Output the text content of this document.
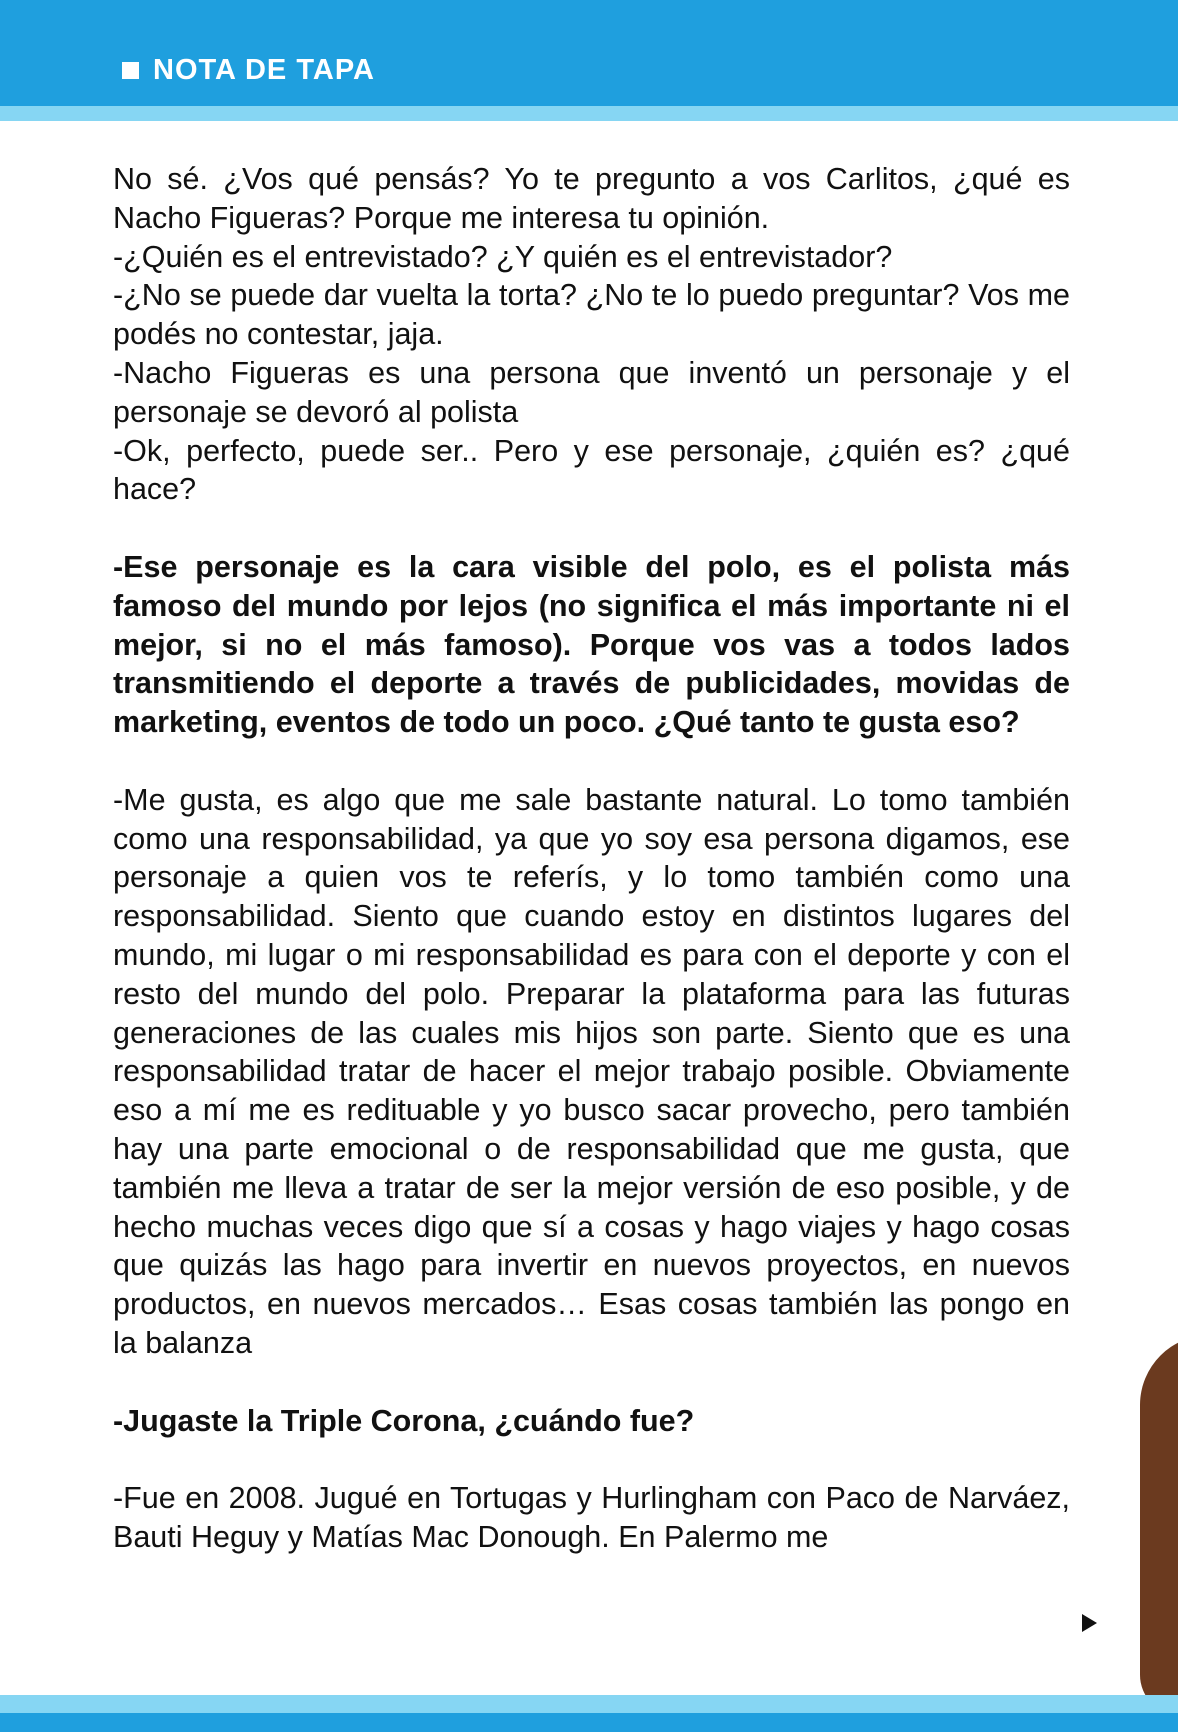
NOTA DE TAPA

No sé. ¿Vos qué pensás? Yo te pregunto a vos Carlitos, ¿qué es Nacho Figueras? Porque me interesa tu opinión.

-¿Quién es el entrevistado? ¿Y quién es el entrevistador?

-¿No se puede dar vuelta la torta? ¿No te lo puedo preguntar? Vos me podés no contestar, jaja.

-Nacho Figueras es una persona que inventó un personaje y el personaje se devoró al polista

-Ok, perfecto, puede ser.. Pero y ese personaje, ¿quién es? ¿qué hace?

-Ese personaje es la cara visible del polo, es el polista más famoso del mundo por lejos (no significa el más importante ni el mejor, si no el más famoso). Porque vos vas a todos lados transmitiendo el deporte a través de publicidades, movidas de marketing, eventos de todo un poco. ¿Qué tanto te gusta eso?

-Me gusta, es algo que me sale bastante natural. Lo tomo también como una responsabilidad, ya que yo soy esa persona digamos, ese personaje a quien vos te referís, y lo tomo también como una responsabilidad. Siento que cuando estoy en distintos lugares del mundo, mi lugar o mi responsabilidad es para con el deporte y con el resto del mundo del polo. Preparar la plataforma para las futuras generaciones de las cuales mis hijos son parte. Siento que es una responsabilidad tratar de hacer el mejor trabajo posible. Obviamente eso a mí me es redituable y yo busco sacar provecho, pero también hay una parte emocional o de responsabilidad que me gusta, que también me lleva a tratar de ser la mejor versión de eso posible, y de hecho muchas veces digo que sí a cosas y hago viajes y hago cosas que quizás las hago para invertir en nuevos proyectos, en nuevos productos, en nuevos mercados… Esas cosas también las pongo en la balanza

-Jugaste la Triple Corona, ¿cuándo fue?

-Fue en 2008. Jugué en Tortugas y Hurlingham con Paco de Narváez, Bauti Heguy y Matías Mac Donough. En Palermo me
